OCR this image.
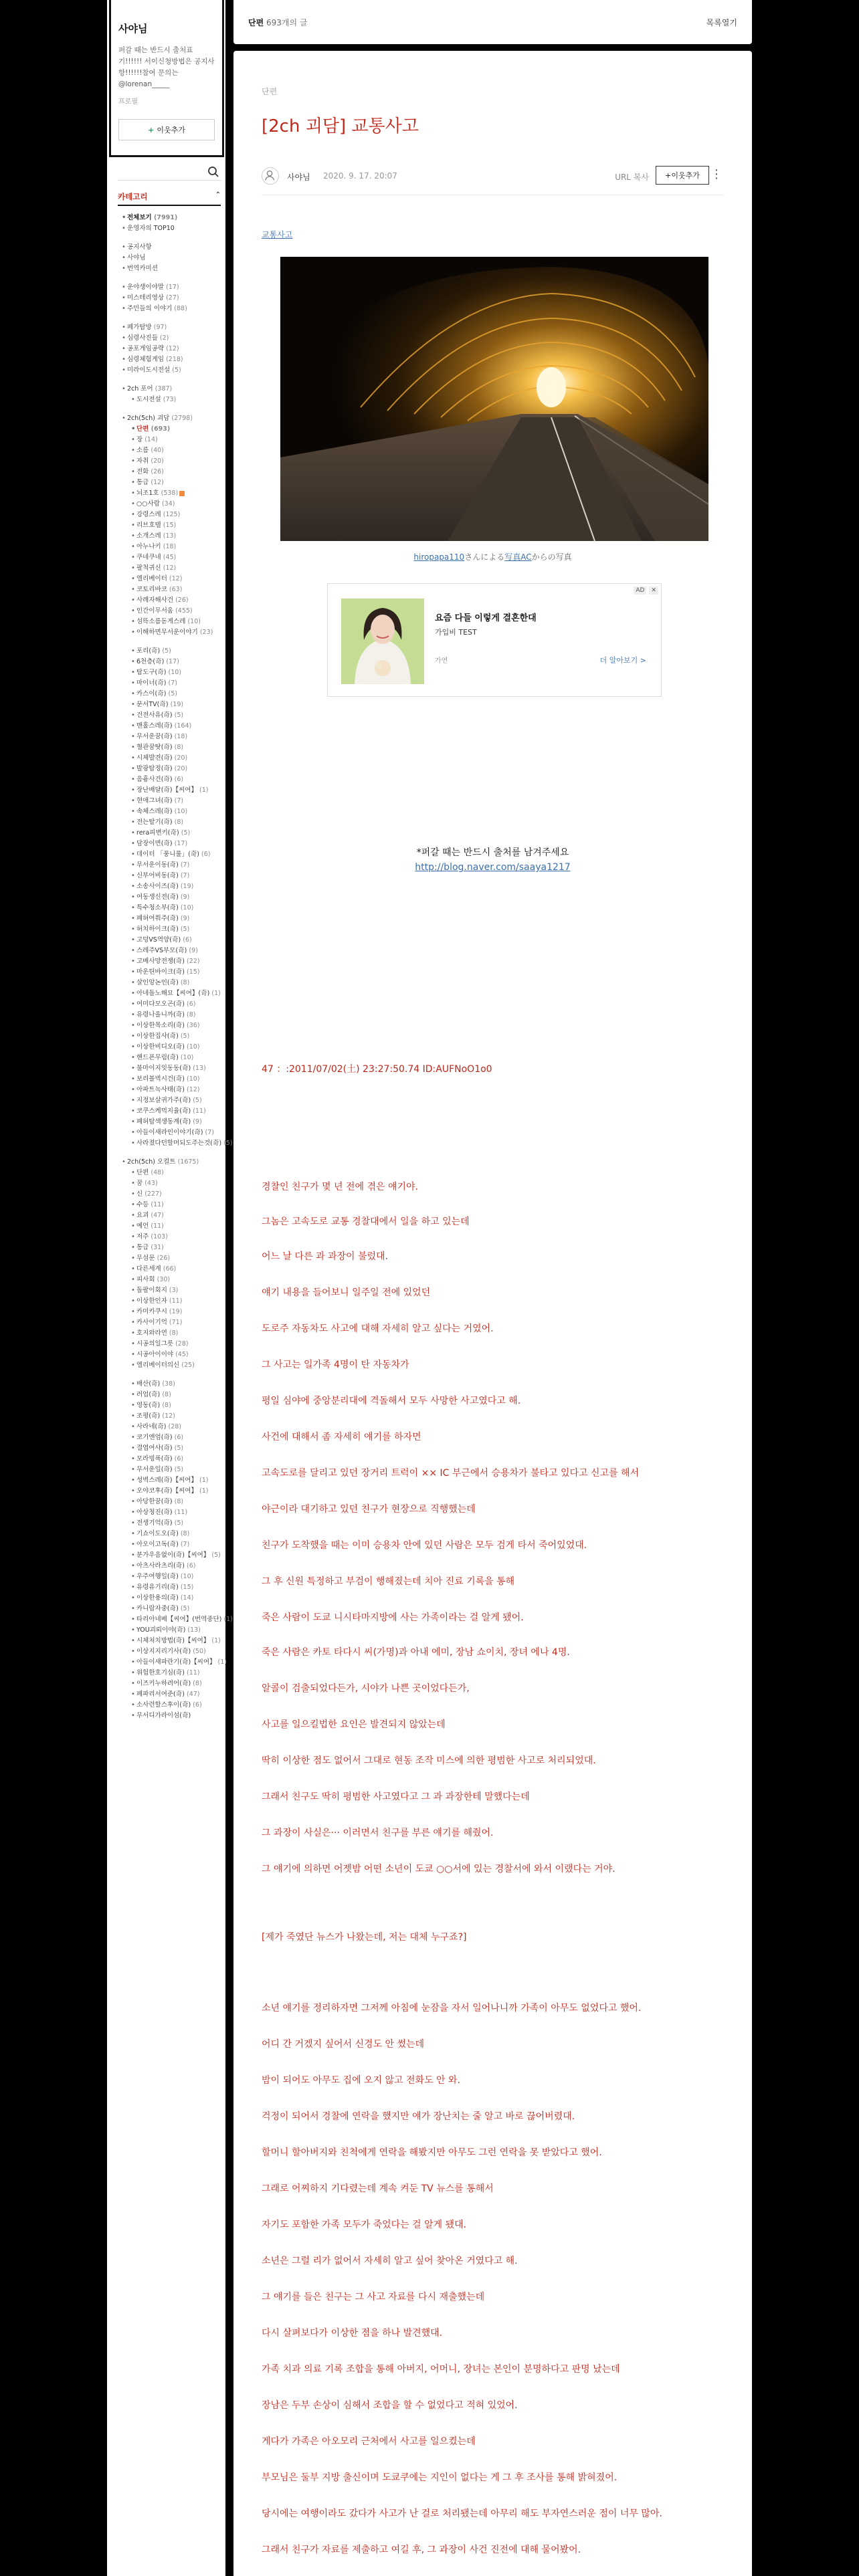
사야님
퍼갈 때는 반드시 출처표기!!!!!! 서이신청방법은 공지사항!!!!!!참여 문의는 @lorenan_____
프로필
+ 이웃추가
카테고리	⌃
• 전체보기 (7991)
• 운영자의 TOP10
• 공지사항
• 사야님
• 번역카미션
• 운야생이야말 (17)
• 미스테리영상 (27)
• 주민들의 이야기 (88)
• 폐가탐방 (97)
• 심령사진들 (2)
• 공포게임공략 (12)
• 심령체험게임 (218)
• 미라이도시전설 (5)
• 2ch 포어 (387)
• 도시전설 (73)
• 2ch(5ch) 괴담 (2798)
• 단편 (693)
• 장 (14)
• 소름 (40)
• 자취 (20)
• 전화 (26)
• 통급 (12)
• 뇌조1호 (538)
• ○○사람 (34)
• 강령스레 (125)
• 리브호텔 (15)
• 소개스레 (13)
• 아누나키 (18)
• 쿠네쿠네 (45)
• 팔척귀신 (12)
• 엘리베이터 (12)
• 코토리바코 (63)
• 사례자해사건 (26)
• 인간이무서움 (455)
• 섬뜩소름돋게스레 (10)
• 이해하면무서운이야기 (23)
• 포리(奇) (5)
• 6천층(奇) (17)
• 탐도구(奇) (10)
• 마이너(奇) (7)
• 카스이(奇) (5)
• 문서TV(奇) (19)
• 건전사유(奇) (5)
• 맨홀스레(奇) (164)
• 무서운꿈(奇) (18)
• 혈관꿈탓(奇) (8)
• 시체발견(奇) (20)
• 발광탐정(奇) (20)
• 음흉사건(奇) (6)
• 장난배달(奇)【씨여】 (1)
• 현애그녀(奇) (7)
• 속체스레(奇) (10)
• 전는탈기(奇) (8)
• rera피변키(奇) (5)
• 담장이면(奇) (17)
• 데이터 「풍니룰」(奇) (6)
• 무서운이동(奇) (7)
• 신부어비동(奇) (7)
• 소송사이즈(奇) (19)
• 여동생신전(奇) (9)
• 특수청소부(奇) (10)
• 폐허여쭤주(奇) (9)
• 허치하이크(奇) (5)
• 고덩VS역양(奇) (6)
• 스레주VS부모(奇) (9)
• 고베사망전쟁(奇) (22)
• 마운틴바이크(奇) (15)
• 살인앙논인(奇) (8)
• 아네돌노해묘【씨여】(奇) (1)
• 여미다모오곤(奇) (6)
• 유령나올니까(奇) (8)
• 이상한목소리(奇) (36)
• 이상한집사(奇) (5)
• 이상한비디오(奇) (10)
• 핸드폰무림(奇) (10)
• 불마이지잇동동(奇) (13)
• 보리볼벅시건(奇) (10)
• 아파트녹사태(奇) (12)
• 지정보살귀가주(奇) (5)
• 코쿠스케먹지율(奇) (11)
• 폐허탐색생동계(奇) (9)
• 아들이새라인이야기(奇) (7)
• 사라졌다던할머되도주는것(奇) (5)
• 2ch(5ch) 오컬트 (1675)
• 단편 (48)
• 꿈 (43)
• 신 (227)
• 수등 (11)
• 요괴 (47)
• 예언 (11)
• 저주 (103)
• 통급 (31)
• 무섬문 (26)
• 다른세계 (66)
• 피사회 (30)
• 돌팔이회지 (3)
• 이상한인자 (11)
• 카미카쿠시 (19)
• 카사이기억 (71)
• 호지와라연 (8)
• 시공의일그릇 (28)
• 시공아이이야 (45)
• 엘리베이터의신 (25)
• 배산(奇) (38)
• 러업(奇) (8)
• 영동(奇) (8)
• 조평(奇) (12)
• 사라네(奇) (28)
• 코기엔엄(奇) (6)
• 결엽여사(奇) (5)
• 모라빙폭(奇) (6)
• 무서운일(奇) (5)
• 성벽스레(奇)【씨여】 (1)
• 오야코후(奇)【씨여】 (1)
• 아당한꿈(奇) (8)
• 아상청진(奇) (11)
• 전생기억(奇) (5)
• 기쇼이도오(奇) (8)
• 아오이고독(奇) (7)
• 분가우음없이(奇)【씨여】 (5)
• 아츠사라츠리(奇) (6)
• 우주여행일(奇) (10)
• 유령유기리(奇) (15)
• 이상한용의(奇) (14)
• 카니랍자중(奇) (5)
• 타리아네베【씨여】(번역중단) (1)
• YOU괴뢰이야(奇) (13)
• 시체처치방법(奇)【씨여】 (1)
• 이상지지리기사(奇) (50)
• 아들이새파란기(奇)【씨여】 (1)
• 위험한호기심(奇) (11)
• 이즈키누하려어(奇) (8)
• 폐파리서여준(奇) (47)
• 소사련할스후이(奇) (6)
• 무서디가라이섬(奇)
단편 693개의 글	목록열기
단편
[2ch 괴담] 교통사고
사야님 2020. 9. 17. 20:07	URL 복사	+이웃추가 ⋮
교통사고
hiropapa110さんによる写真ACからの写真
AD	✕
요즘 다들 이렇게 결혼한대
가입비 TEST
가연	더 알아보기 >
*퍼갈 때는 반드시 출처를 남겨주세요
http://blog.naver.com/saaya1217
47 ：:2011/07/02(土) 23:27:50.74 ID:AUFNoO1o0

경찰인 친구가 몇 년 전에 겪은 얘기야.

그놈은 고속도로 교통 경찰대에서 일을 하고 있는데

어느 날 다른 과 과장이 불렀대.

얘기 내용을 들어보니 일주일 전에 있었던

도로주 자동차도 사고에 대해 자세히 알고 싶다는 거였어.

그 사고는 일가족 4명이 탄 자동차가

평일 심야에 중앙분리대에 격돌해서 모두 사망한 사고였다고 해.

사건에 대해서 좀 자세히 얘기를 하자면

고속도로를 달리고 있던 장거리 트럭이 ×× IC 부근에서 승용차가 불타고 있다고 신고를 해서

야근이라 대기하고 있던 친구가 현장으로 직행했는데

친구가 도착했을 때는 이미 승용차 안에 있던 사람은 모두 검게 타서 죽어있었대.

그 후 신원 특정하고 부검이 행해졌는데 치아 진료 기록을 통해

죽은 사람이 도쿄 니시타마지방에 사는 가족이라는 걸 알게 됐어.

죽은 사람은 카토 타다시 씨(가명)과 아내 에미, 장남 쇼이치, 장녀 에나 4명.

알콜이 검출되었다든가, 시야가 나쁜 곳이었다든가,

사고를 일으킬법한 요인은 발견되지 않았는데

딱히 이상한 점도 없어서 그대로 현동 조작 미스에 의한 평범한 사고로 처리되었대.

그래서 친구도 딱히 평범한 사고였다고 그 과 과장한테 말했다는데

그 과장이 사실은··· 이러면서 친구를 부른 얘기를 해줬어.

그 얘기에 의하면 어젯밤 어떤 소년이 도쿄 ○○서에 있는 경찰서에 와서 이랬다는 거야.

[제가 죽였단 뉴스가 나왔는데, 저는 대체 누구죠?]

소년 얘기를 정리하자면 그저께 아침에 눈잠을 자서 일어나니까 가족이 아무도 없었다고 했어.

어디 간 거겠지 싶어서 신경도 안 썼는데

밤이 되어도 아무도 집에 오지 않고 전화도 안 와.

걱정이 되어서 경찰에 연락을 했지만 얘가 장난치는 줄 알고 바로 끊어버렸대.

할머니 할아버지와 친척에게 연락을 해봤지만 아무도 그런 연락을 못 받았다고 했어.

그래로 어찌하지 기다렸는데 계속 켜둔 TV 뉴스를 통해서

자기도 포함한 가족 모두가 죽었다는 걸 알게 됐대.

소년은 그럴 리가 없어서 자세히 알고 싶어 찾아온 거였다고 해.

그 얘기를 들은 친구는 그 사고 자료를 다시 재출했는데

다시 살펴보다가 이상한 점을 하나 발견했대.

가족 치과 의료 기록 조합을 통해 아버지, 어머니, 장녀는 본인이 분명하다고 판명 났는데

장남은 두부 손상이 심해서 조합을 할 수 없었다고 적혀 있었어.

게다가 가족은 아오모리 근처에서 사고를 일으켰는데

부모님은 둘부 지방 출신이며 도쿄쿠에는 지인이 없다는 게 그 후 조사를 통해 밝혀졌어.

당시에는 여행이라도 갔다가 사고가 난 걸로 처리됐는데 아무리 해도 부자연스러운 점이 너무 많아.

그래서 친구가 자료를 제출하고 여길 후, 그 과장이 사건 진전에 대해 물어봤어.
